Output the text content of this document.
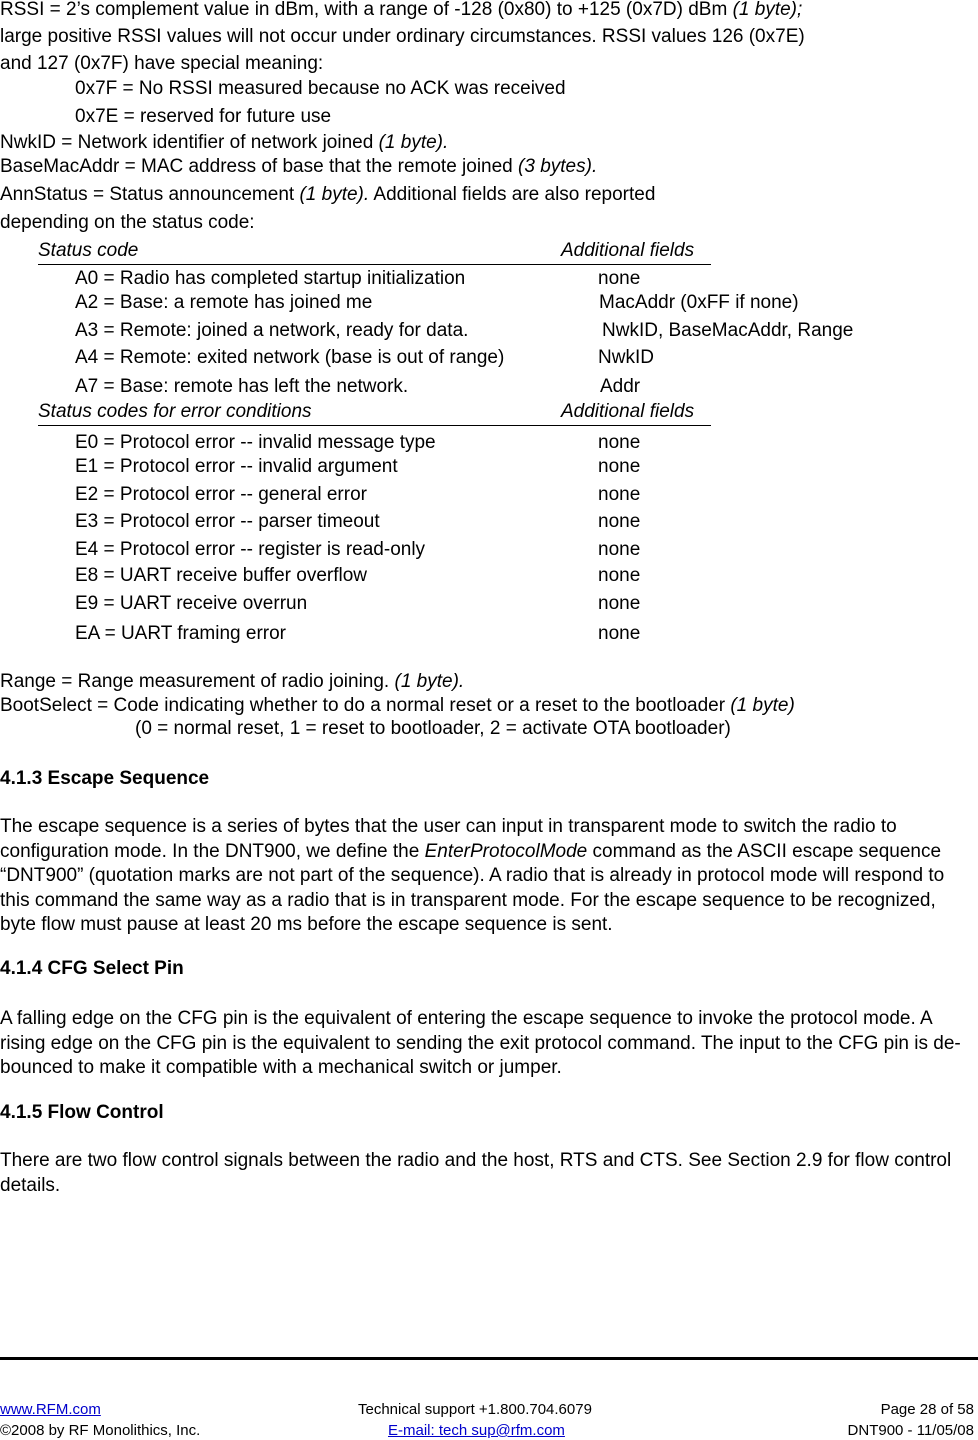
RSSI = 2’s complement value in dBm, with a range of -128 (0x80) to +125 (0x7D) dBm (1 byte);
large positive RSSI values will not occur under ordinary circumstances. RSSI values 126 (0x7E)
and 127 (0x7F) have special meaning:
0x7F = No RSSI measured because no ACK was received
0x7E = reserved for future use
NwkID = Network identifier of network joined (1 byte).
BaseMacAddr = MAC address of base that the remote joined (3 bytes).
AnnStatus = Status announcement (1 byte). Additional fields are also reported
depending on the status code:
Status code	Additional fields
A0 = Radio has completed startup initialization	none
A2 = Base: a remote has joined me	MacAddr (0xFF if none)
A3 = Remote: joined a network, ready for data.	NwkID, BaseMacAddr, Range
A4 = Remote: exited network (base is out of range)	NwkID
A7 = Base: remote has left the network.	Addr
Status codes for error conditions	Additional fields
E0 = Protocol error -- invalid message type	none
E1 = Protocol error -- invalid argument	none
E2 = Protocol error -- general error	none
E3 = Protocol error -- parser timeout	none
E4 = Protocol error -- register is read-only	none
E8 = UART receive buffer overflow	none
E9 = UART receive overrun	none
EA = UART framing error	none
Range = Range measurement of radio joining. (1 byte).
BootSelect = Code indicating whether to do a normal reset or a reset to the bootloader (1 byte)
(0 = normal reset, 1 = reset to bootloader, 2 = activate OTA bootloader)
4.1.3 Escape Sequence

The escape sequence is a series of bytes that the user can input in transparent mode to switch the radio to configuration mode. In the DNT900, we define the EnterProtocolMode command as the ASCII escape sequence “DNT900” (quotation marks are not part of the sequence). A radio that is already in protocol mode will respond to this command the same way as a radio that is in transparent mode. For the escape sequence to be recognized, byte flow must pause at least 20 ms before the escape sequence is sent.

4.1.4 CFG Select Pin

A falling edge on the CFG pin is the equivalent of entering the escape sequence to invoke the protocol mode. A rising edge on the CFG pin is the equivalent to sending the exit protocol command. The input to the CFG pin is de-bounced to make it compatible with a mechanical switch or jumper.

4.1.5 Flow Control

There are two flow control signals between the radio and the host, RTS and CTS. See Section 2.9 for flow control details.

www.RFM.com
©2008 by RF Monolithics, Inc.
Technical support +1.800.704.6079
E-mail: tech sup@rfm.com
Page 28 of 58
DNT900 - 11/05/08
